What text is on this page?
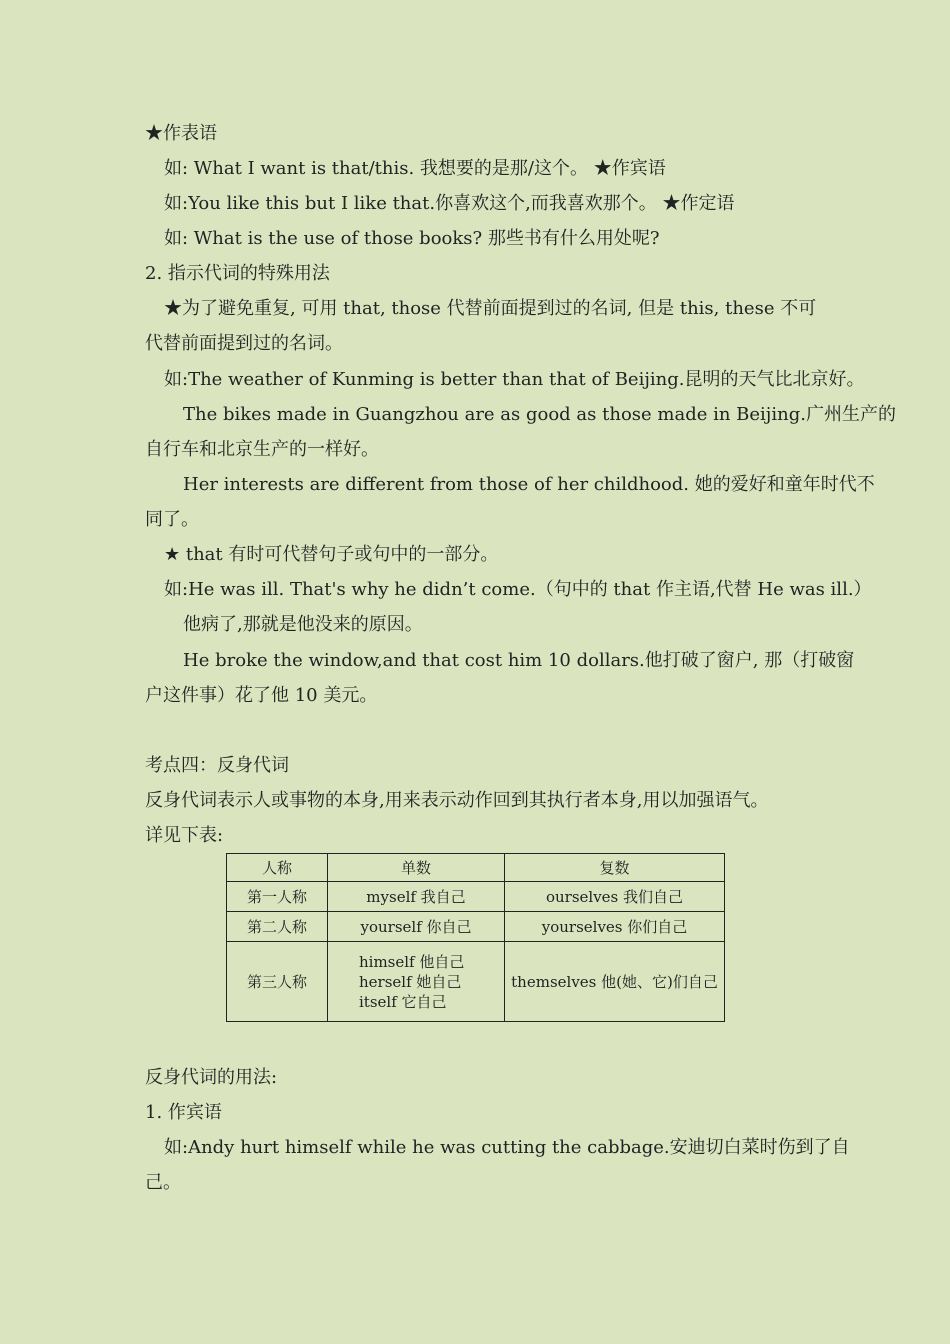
★作表语

如: What I want is that/this. 我想要的是那/这个。 ★作宾语

如:You like this but I like that.你喜欢这个,而我喜欢那个。 ★作定语

如: What is the use of those books? 那些书有什么用处呢?

2. 指示代词的特殊用法

★为了避免重复, 可用 that, those 代替前面提到过的名词, 但是 this, these 不可

代替前面提到过的名词。

如:The weather of Kunming is better than that of Beijing.昆明的天气比北京好。

The bikes made in Guangzhou are as good as those made in Beijing.广州生产的

自行车和北京生产的一样好。

Her interests are different from those of her childhood. 她的爱好和童年时代不

同了。

★ that 有时可代替句子或句中的一部分。

如:He was ill. That's why he didn’t come.（句中的 that 作主语,代替 He was ill.）

他病了,那就是他没来的原因。

He broke the window,and that cost him 10 dollars.他打破了窗户, 那（打破窗

户这件事）花了他 10 美元。

考点四：反身代词

反身代词表示人或事物的本身,用来表示动作回到其执行者本身,用以加强语气。

详见下表:

人称	单数	复数
第一人称	myself 我自己	ourselves 我们自己
第二人称	yourself 你自己	yourselves 你们自己
第三人称	himself 他自己
herself 她自己
itself 它自己	themselves 他(她、它)们自己

反身代词的用法:

1. 作宾语

如:Andy hurt himself while he was cutting the cabbage.安迪切白菜时伤到了自

己。
